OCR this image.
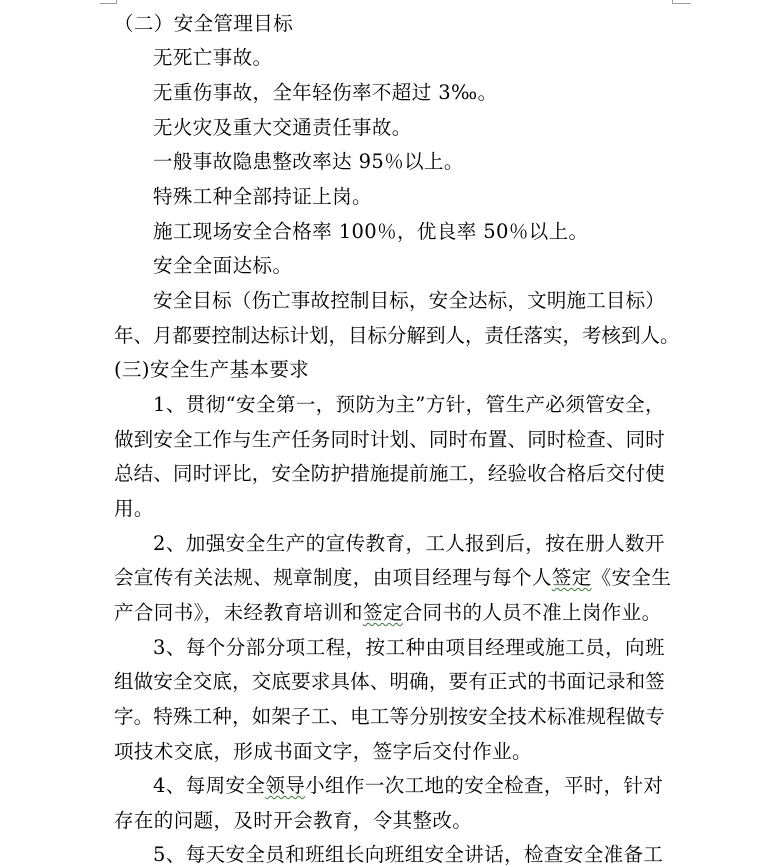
（二）安全管理目标
无死亡事故。
无重伤事故，全年轻伤率不超过 3‰。
无火灾及重大交通责任事故。
一般事故隐患整改率达 95％以上。
特殊工种全部持证上岗。
施工现场安全合格率 100％，优良率 50％以上。
安全全面达标。
安全目标（伤亡事故控制目标，安全达标，文明施工目标）
年、月都要控制达标计划，目标分解到人，责任落实，考核到人。
(三)安全生产基本要求
1、贯彻“安全第一，预防为主”方针，管生产必须管安全，
做到安全工作与生产任务同时计划、同时布置、同时检查、同时
总结、同时评比，安全防护措施提前施工，经验收合格后交付使
用。
2、加强安全生产的宣传教育，工人报到后，按在册人数开
会宣传有关法规、规章制度，由项目经理与每个人签定《安全生
产合同书》，未经教育培训和签定合同书的人员不准上岗作业。
3、每个分部分项工程，按工种由项目经理或施工员，向班
组做安全交底，交底要求具体、明确，要有正式的书面记录和签
字。特殊工种，如架子工、电工等分别按安全技术标准规程做专
项技术交底，形成书面文字，签字后交付作业。
4、每周安全领导小组作一次工地的安全检查，平时，针对
存在的问题，及时开会教育，令其整改。
5、每天安全员和班组长向班组安全讲话，检查安全准备工
